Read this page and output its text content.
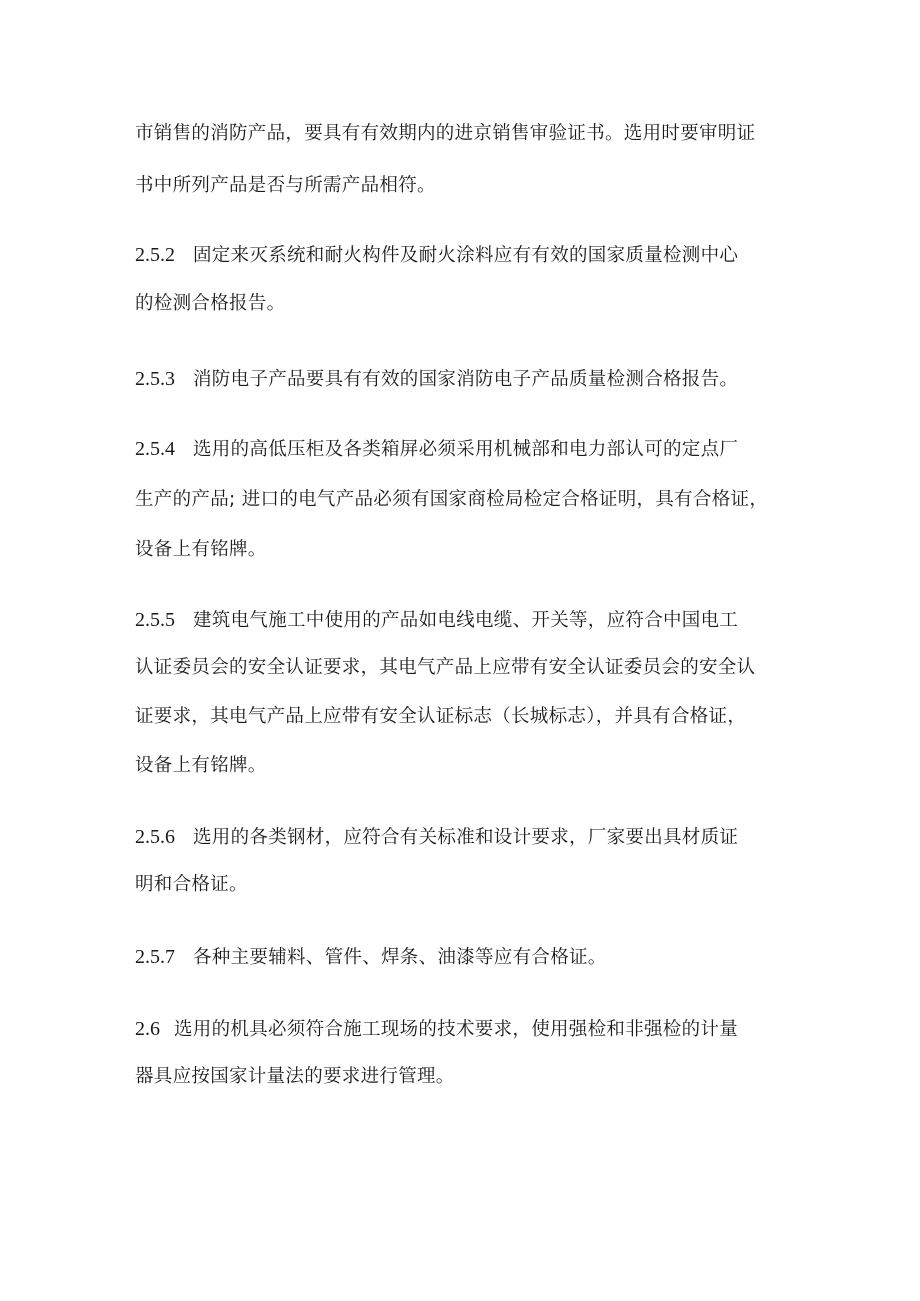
市销售的消防产品，要具有有效期内的进京销售审验证书。选用时要审明证
书中所列产品是否与所需产品相符。
2.5.2 固定来灭系统和耐火构件及耐火涂料应有有效的国家质量检测中心
的检测合格报告。
2.5.3 消防电子产品要具有有效的国家消防电子产品质量检测合格报告。
2.5.4 选用的高低压柜及各类箱屏必须采用机械部和电力部认可的定点厂
生产的产品; 进口的电气产品必须有国家商检局检定合格证明，具有合格证，
设备上有铭牌。
2.5.5 建筑电气施工中使用的产品如电线电缆、开关等，应符合中国电工
认证委员会的安全认证要求，其电气产品上应带有安全认证委员会的安全认
证要求，其电气产品上应带有安全认证标志（长城标志），并具有合格证，
设备上有铭牌。
2.5.6 选用的各类钢材，应符合有关标准和设计要求，厂家要出具材质证
明和合格证。
2.5.7 各种主要辅料、管件、焊条、油漆等应有合格证。
2.6 选用的机具必须符合施工现场的技术要求，使用强检和非强检的计量
器具应按国家计量法的要求进行管理。
